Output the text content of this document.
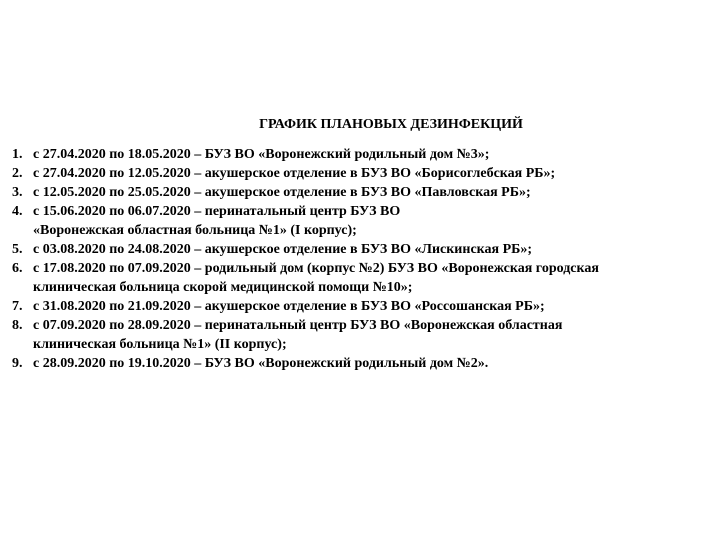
ГРАФИК ПЛАНОВЫХ ДЕЗИНФЕКЦИЙ
1. с 27.04.2020 по 18.05.2020 – БУЗ ВО «Воронежский родильный дом №3»;
2. с 27.04.2020 по 12.05.2020 – акушерское отделение в БУЗ ВО «Борисоглебская РБ»;
3. с 12.05.2020 по 25.05.2020 – акушерское отделение в БУЗ ВО «Павловская РБ»;
4. с 15.06.2020 по 06.07.2020 – перинатальный центр БУЗ ВО
«Воронежская областная больница №1» (I корпус);
5. с 03.08.2020 по 24.08.2020 – акушерское отделение в БУЗ ВО «Лискинская РБ»;
6. с 17.08.2020 по 07.09.2020 – родильный дом (корпус №2) БУЗ ВО «Воронежская городская
клиническая больница скорой медицинской помощи №10»;
7. с 31.08.2020 по 21.09.2020 – акушерское отделение в БУЗ ВО «Россошанская РБ»;
8. с 07.09.2020 по 28.09.2020 – перинатальный центр БУЗ ВО «Воронежская областная
клиническая больница №1» (II корпус);
9. с 28.09.2020 по 19.10.2020 – БУЗ ВО «Воронежский родильный дом №2».
